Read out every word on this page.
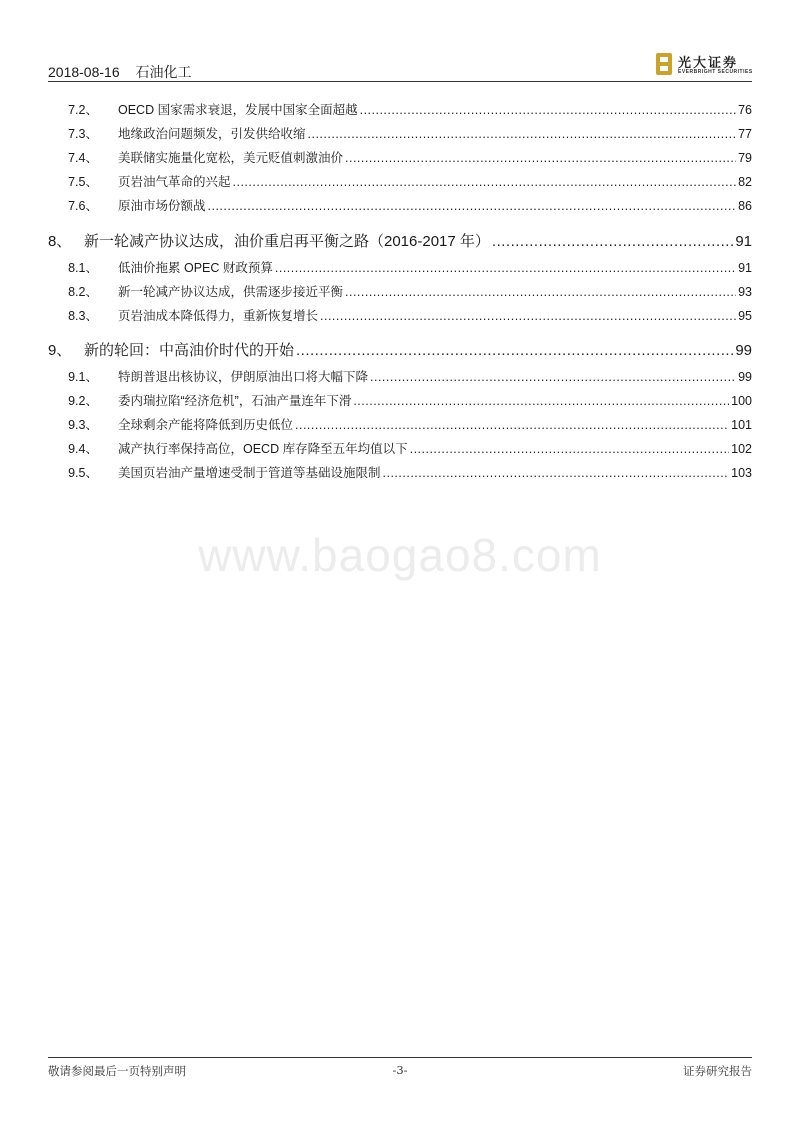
2018-08-16 石油化工
光大证券
EVERBRIGHT SECURITIES
7.2、	OECD 国家需求衰退，发展中国家全面超越 .....	76
7.3、	地缘政治问题频发，引发供给收缩 .....	77
7.4、	美联储实施量化宽松，美元贬值刺激油价 .....	79
7.5、	页岩油气革命的兴起 .....	82
7.6、	原油市场份额战 .....	86
8、 新一轮减产协议达成，油价重启再平衡之路（2016-2017 年） .....	91
8.1、	低油价拖累 OPEC 财政预算 .....	91
8.2、	新一轮减产协议达成，供需逐步接近平衡 .....	93
8.3、	页岩油成本降低得力，重新恢复增长 .....	95
9、 新的轮回：中高油价时代的开始 .....	99
9.1、	特朗普退出核协议，伊朗原油出口将大幅下降 .....	99
9.2、	委内瑞拉陷“经济危机”，石油产量连年下滑 .....	100
9.3、	全球剩余产能将降低到历史低位 .....	101
9.4、	减产执行率保持高位，OECD 库存降至五年均值以下 .....	102
9.5、	美国页岩油产量增速受制于管道等基础设施限制 .....	103
www.baogao8.com
敬请参阅最后一页特别声明	-3-	证券研究报告
